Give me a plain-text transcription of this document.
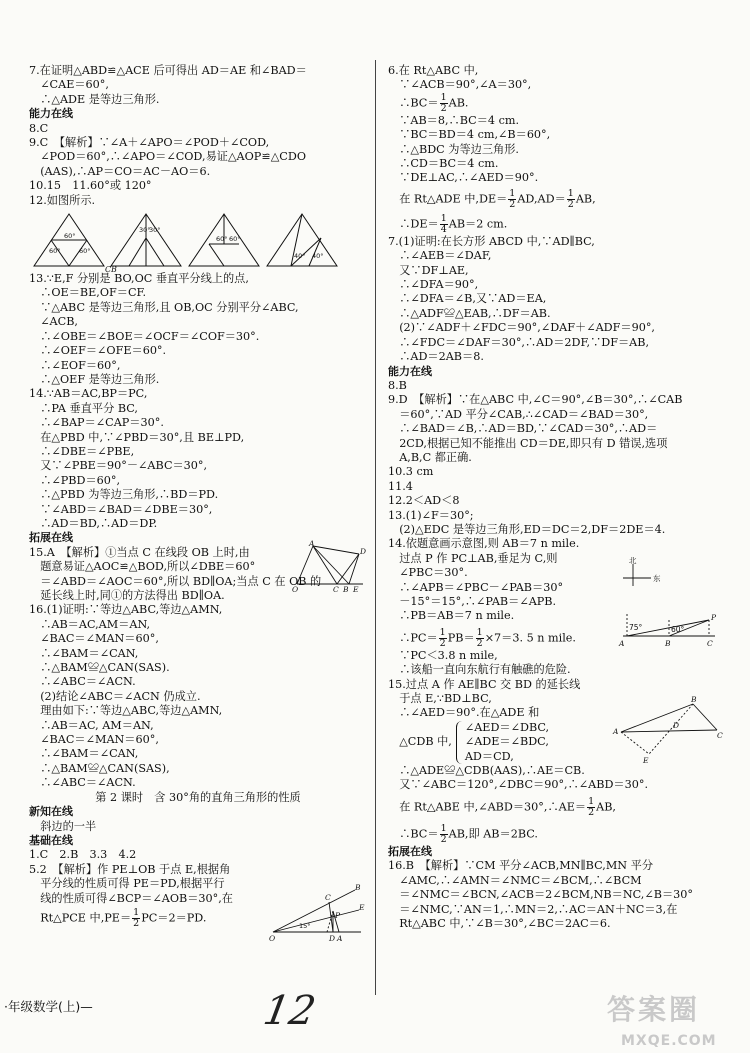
7.在证明△ABD≌△ACE 后可得出 AD＝AE 和∠BAD＝
　∠CAE＝60°,
　∴△ADE 是等边三角形.
能力在线
8.C
9.C　【解析】∵∠A＋∠APO＝∠POD＋∠COD,
　∠POD＝60°,∴∠APO＝∠COD,易证△AOP≌△CDO
　(AAS),∴AP＝CO＝AC－AO＝6.
10.15　11.60°或 120°
12.如图所示.
60°	60°
60°
30°
30°
60° 60°
40° 40°
C B
13.∵E,F 分别是 BO,OC 垂直平分线上的点,
　∴OE＝BE,OF＝CF.
　∵△ABC 是等边三角形,且 OB,OC 分别平分∠ABC,
　∠ACB,
　∴∠OBE＝∠BOE＝∠OCF＝∠COF＝30°.
　∴∠OEF＝∠OFE＝60°.
　∴∠EOF＝60°,
　∴△OEF 是等边三角形.
14.∵AB＝AC,BP＝PC,
　∴PA 垂直平分 BC,
　∴∠BAP＝∠CAP＝30°.
　在△PBD 中,∵∠PBD＝30°,且 BE⊥PD,
　∴∠DBE＝∠PBE,
　又∵∠PBE＝90°－∠ABC＝30°,
　∴∠PBD＝60°,
　∴△PBD 为等边三角形,∴BD＝PD.
　∵∠ABD＝∠BAD＝∠DBE＝30°,
　∴AD＝BD,∴AD＝DP.
拓展在线
15.A　【解析】①当点 C 在线段 OB 上时,由
　题意易证△AOC≌△BOD,所以∠DBE＝60°
　＝∠ABD＝∠AOC＝60°,所以 BD∥OA;当点 C 在 OB 的
　延长线上时,同①的方法得出 BD∥OA.
A
D
O	C B E
16.(1)证明:∵等边△ABC,等边△AMN,
　∴AB＝AC,AM＝AN,
　∠BAC＝∠MAN＝60°,
　∴∠BAM＝∠CAN,
　∴△BAM≌△CAN(SAS).
　∴∠ABC＝∠ACN.
　(2)结论∠ABC＝∠ACN 仍成立.
　理由如下:∵等边△ABC,等边△AMN,
　∴AB＝AC, AM＝AN,
　∠BAC＝∠MAN＝60°,
　∴∠BAM＝∠CAN,
　∴△BAM≌△CAN(SAS),
　∴∠ABC＝∠ACN.
第 2 课时　含 30°角的直角三角形的性质
新知在线
　斜边的一半
基础在线
1.C　2.B　3.3　4.2
5.2　【解析】作 PE⊥OB 于点 E,根据角
　平分线的性质可得 PE＝PD,根据平行
　线的性质可得∠BCP＝∠AOB＝30°,在
　Rt△PCE 中$,PE= \frac{1}{2} PC=2=PD$.
B
C
E
P
O	D A
15°
6.在 Rt△ABC 中,
　∵∠ACB＝90°,∠A＝30°,
　∴BC＝ $\frac{1}{2}$ AB.
　∵AB＝8,∴BC＝4 cm.
　∵BC＝BD＝4 cm,∠B＝60°,
　∴△BDC 为等边三角形.
　∴CD＝BC＝4 cm.
　∵DE⊥AC,∴∠AED＝90°.
　在 Rt△ADE 中$,DE= \frac{1}{2} AD,AD= \frac{1}{2}$ AB,
　∴DE＝ $\frac{1}{4} AB=2$ cm.
7.(1)证明:在长方形 ABCD 中,∵AD∥BC,
　∴∠AEB＝∠DAF,
　又∵DF⊥AE,
　∴∠DFA＝90°,
　∴∠DFA＝∠B,又∵AD＝EA,
　∴△ADF≌△EAB,∴DF＝AB.
　(2)∵∠ADF＋∠FDC＝90°,∠DAF＋∠ADF＝90°,
　∴∠FDC＝∠DAF＝30°,∴AD＝2DF,∵DF＝AB,
　∴AD＝2AB＝8.
能力在线
8.B
9.D　【解析】∵在△ABC 中,∠C＝90°,∠B＝30°,∴∠CAB
　＝60°,∵AD 平分∠CAB,∴∠CAD＝∠BAD＝30°,
　∴∠BAD＝∠B,∴AD＝BD,∵∠CAD＝30°,∴AD＝
　2CD,根据已知不能推出 CD＝DE,即只有 D 错误,选项
　A,B,C 都正确.
10.3 cm
11.4
12.2＜AD＜8
13.(1)∠F＝30°;
　(2)△EDC 是等边三角形,ED＝DC＝2,DF＝2DE＝4.
14.依题意画示意图,则 AB＝7 n mile.
　过点 P 作 PC⊥AB,垂足为 C,则
　∠PBC＝30°.
　∴∠APB＝∠PBC－∠PAB＝30°
　－15°＝15°,∴∠PAB＝∠APB.
　∴PB＝AB＝7 n mile.
　∴PC＝ $\frac{1}{2} PB= \frac{1}{2} \times 7=3$. 5 n mile.
　∵PC＜3.8 n mile,
　∴该船一直向东航行有触礁的危险.
15.过点 A 作 AE∥BC 交 BD 的延长线
　于点 E,∵BD⊥BC,
　∴∠AED＝90°.在△ADE 和
　△CDB 中,
∠AED＝∠DBC,
∠ADE＝∠BDC,
AD＝CD,
　∴△ADE≌△CDB(AAS),∴AE＝CB.
　又∵∠ABC＝120°,∠DBC＝90°,∴∠ABD＝30°.
　在 Rt△ABE 中,∠ABD＝30°,∴AE＝ $\frac{1}{2}$ AB,
　∴BC＝ $\frac{1}{2}$ AB,即 AB＝2BC.
拓展在线
16.B　【解析】∵CM 平分∠ACB,MN∥BC,MN 平分
　∠AMC,∴∠AMN＝∠NMC＝∠BCM,∴∠BCM
　＝∠NMC＝∠BCN,∠ACB＝2∠BCM,NB＝NC,∠B＝30°
　＝∠NMC,∵AN＝1,∴MN＝2,∴AC＝AN＋NC＝3,在
　Rt△ABC 中,∵∠B＝30°,∠BC＝2AC＝6.
北
东
75°	60°
P
A	B	C
A
D
E
B
C
·年级数学(上)—	12	答案圈
MXQE.COM
